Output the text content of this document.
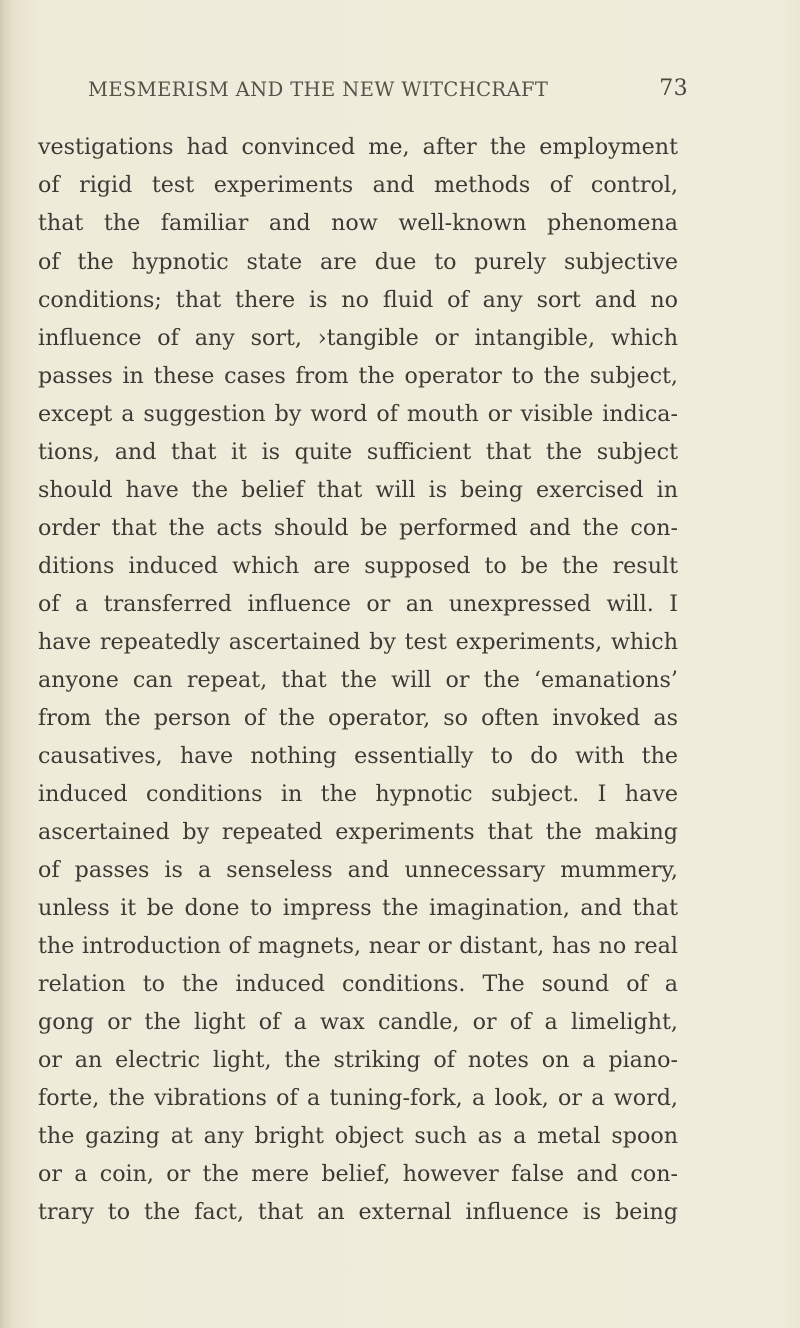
MESMERISM AND THE NEW WITCHCRAFT	73
vestigations had convinced me, after the employment
of rigid test experiments and methods of control,
that the familiar and now well-known phenomena
of the hypnotic state are due to purely subjective
conditions; that there is no fluid of any sort and no
influence of any sort, ›tangible or intangible, which
passes in these cases from the operator to the subject,
except a suggestion by word of mouth or visible indica-
tions, and that it is quite sufficient that the subject
should have the belief that will is being exercised in
order that the acts should be performed and the con-
ditions induced which are supposed to be the result
of a transferred influence or an unexpressed will. I
have repeatedly ascertained by test experiments, which
anyone can repeat, that the will or the ‘emanations’
from the person of the operator, so often invoked as
causatives, have nothing essentially to do with the
induced conditions in the hypnotic subject. I have
ascertained by repeated experiments that the making
of passes is a senseless and unnecessary mummery,
unless it be done to impress the imagination, and that
the introduction of magnets, near or distant, has no real
relation to the induced conditions. The sound of a
gong or the light of a wax candle, or of a limelight,
or an electric light, the striking of notes on a piano-
forte, the vibrations of a tuning-fork, a look, or a word,
the gazing at any bright object such as a metal spoon
or a coin, or the mere belief, however false and con-
trary to the fact, that an external influence is being
